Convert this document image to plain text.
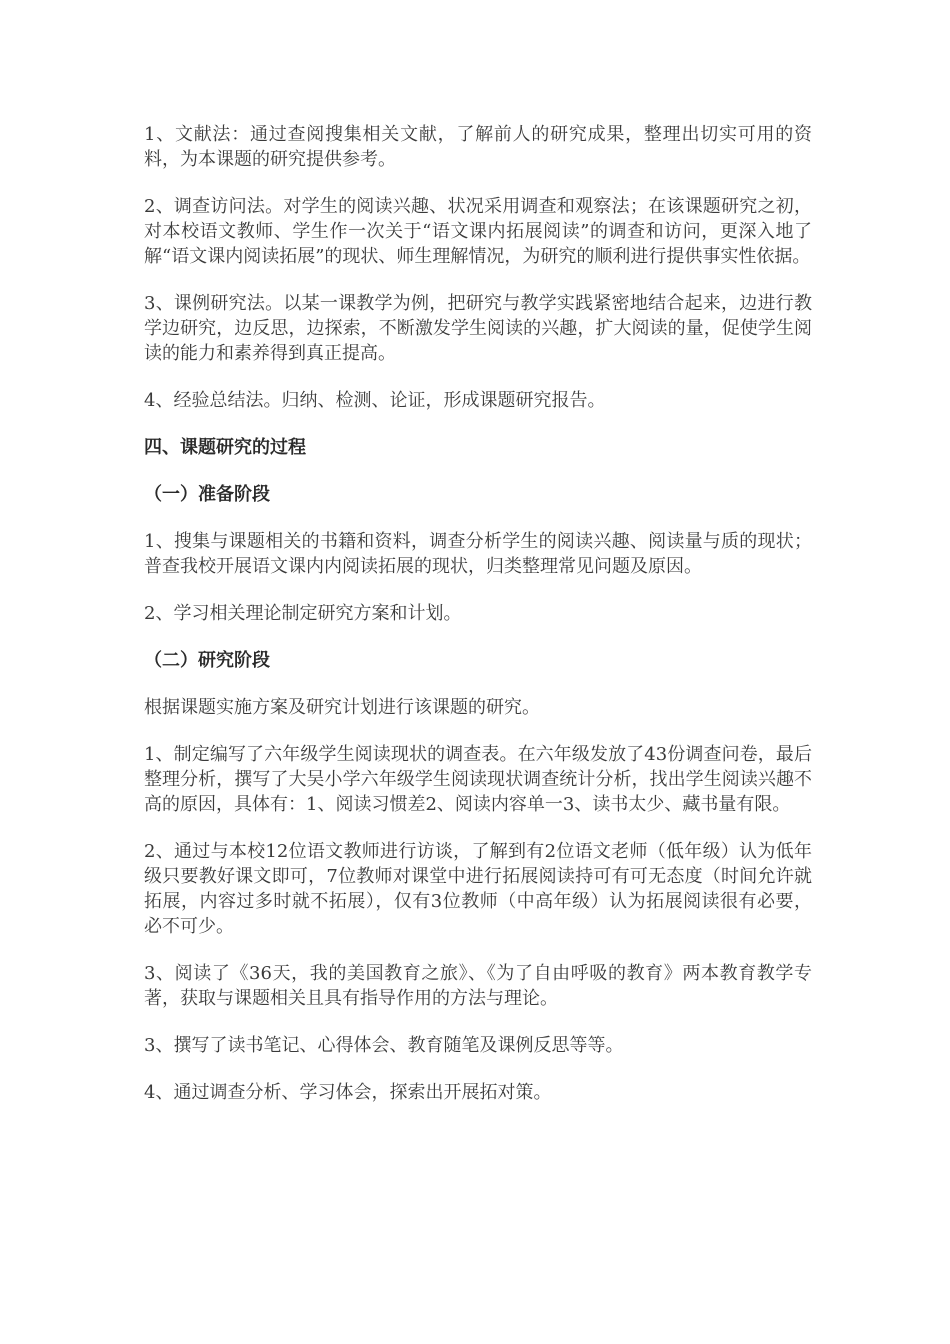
1、文献法：通过查阅搜集相关文献，了解前人的研究成果，整理出切实可用的资料，为本课题的研究提供参考。

2、调查访问法。对学生的阅读兴趣、状况采用调查和观察法；在该课题研究之初，对本校语文教师、学生作一次关于“语文课内拓展阅读”的调查和访问，更深入地了解“语文课内阅读拓展”的现状、师生理解情况，为研究的顺利进行提供事实性依据。

3、课例研究法。以某一课教学为例，把研究与教学实践紧密地结合起来，边进行教学边研究，边反思，边探索，不断激发学生阅读的兴趣，扩大阅读的量，促使学生阅读的能力和素养得到真正提高。

4、经验总结法。归纳、检测、论证，形成课题研究报告。

四、课题研究的过程

（一）准备阶段

1、搜集与课题相关的书籍和资料，调查分析学生的阅读兴趣、阅读量与质的现状；普查我校开展语文课内内阅读拓展的现状，归类整理常见问题及原因。

2、学习相关理论制定研究方案和计划。

（二）研究阶段

根据课题实施方案及研究计划进行该课题的研究。

1、制定编写了六年级学生阅读现状的调查表。在六年级发放了43份调查问卷，最后整理分析，撰写了大吴小学六年级学生阅读现状调查统计分析，找出学生阅读兴趣不高的原因，具体有：1、阅读习惯差2、阅读内容单一3、读书太少、藏书量有限。

2、通过与本校12位语文教师进行访谈，了解到有2位语文老师（低年级）认为低年级只要教好课文即可，7位教师对课堂中进行拓展阅读持可有可无态度（时间允许就拓展，内容过多时就不拓展），仅有3位教师（中高年级）认为拓展阅读很有必要，必不可少。

3、阅读了《36天，我的美国教育之旅》、《为了自由呼吸的教育》两本教育教学专著，获取与课题相关且具有指导作用的方法与理论。

3、撰写了读书笔记、心得体会、教育随笔及课例反思等等。

4、通过调查分析、学习体会，探索出开展拓对策。
